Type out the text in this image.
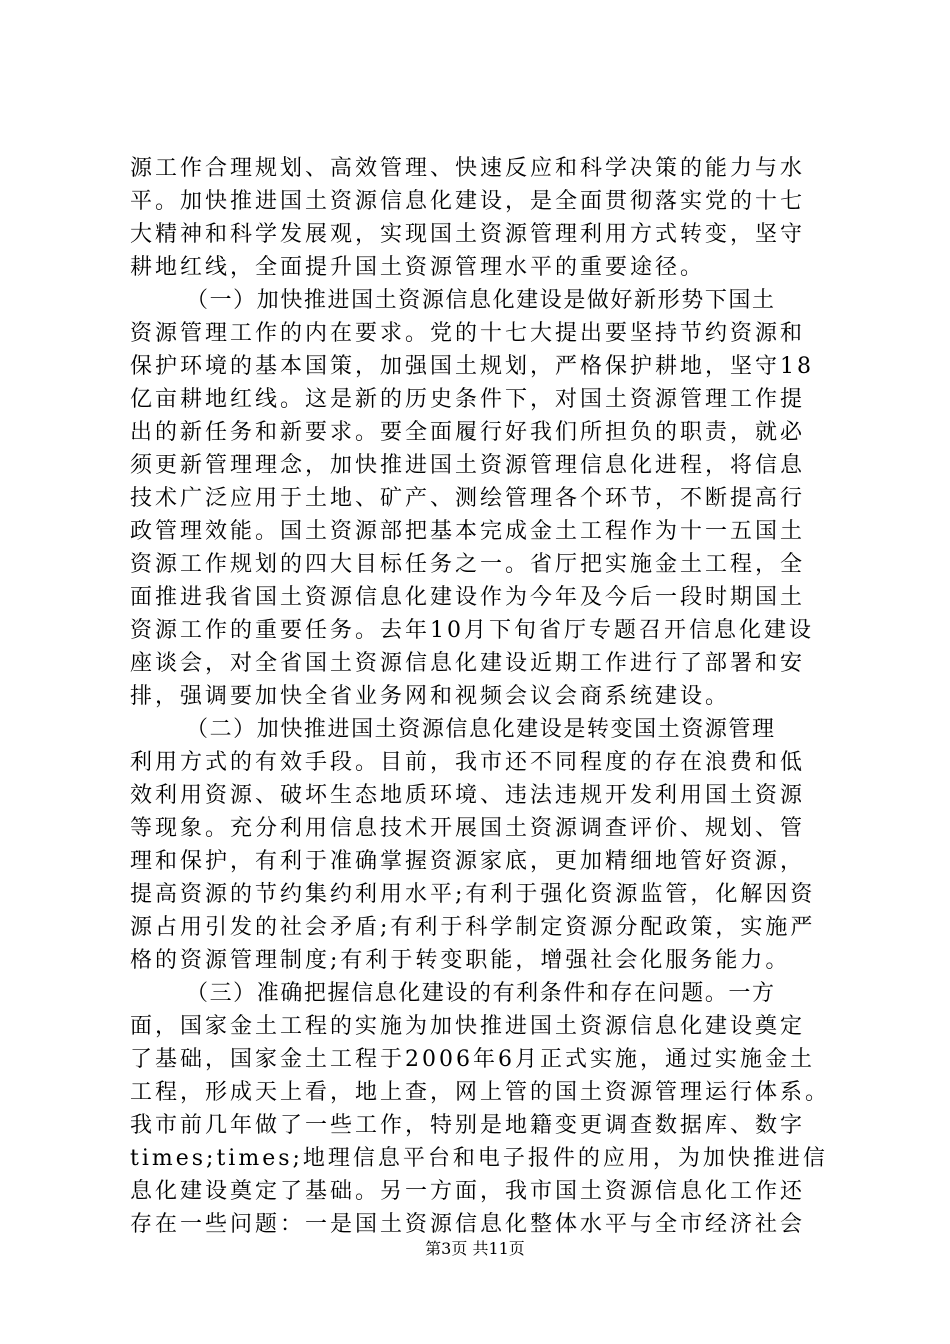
源工作合理规划、高效管理、快速反应和科学决策的能力与水
平。加快推进国土资源信息化建设，是全面贯彻落实党的十七
大精神和科学发展观，实现国土资源管理利用方式转变，坚守
耕地红线，全面提升国土资源管理水平的重要途径。
（一）加快推进国土资源信息化建设是做好新形势下国土
资源管理工作的内在要求。党的十七大提出要坚持节约资源和
保护环境的基本国策，加强国土规划，严格保护耕地，坚守18
亿亩耕地红线。这是新的历史条件下，对国土资源管理工作提
出的新任务和新要求。要全面履行好我们所担负的职责，就必
须更新管理理念，加快推进国土资源管理信息化进程，将信息
技术广泛应用于土地、矿产、测绘管理各个环节，不断提高行
政管理效能。国土资源部把基本完成金土工程作为十一五国土
资源工作规划的四大目标任务之一。省厅把实施金土工程，全
面推进我省国土资源信息化建设作为今年及今后一段时期国土
资源工作的重要任务。去年10月下旬省厅专题召开信息化建设
座谈会，对全省国土资源信息化建设近期工作进行了部署和安
排，强调要加快全省业务网和视频会议会商系统建设。
（二）加快推进国土资源信息化建设是转变国土资源管理
利用方式的有效手段。目前，我市还不同程度的存在浪费和低
效利用资源、破坏生态地质环境、违法违规开发利用国土资源
等现象。充分利用信息技术开展国土资源调查评价、规划、管
理和保护，有利于准确掌握资源家底，更加精细地管好资源，
提高资源的节约集约利用水平;有利于强化资源监管，化解因资
源占用引发的社会矛盾;有利于科学制定资源分配政策，实施严
格的资源管理制度;有利于转变职能，增强社会化服务能力。
（三）准确把握信息化建设的有利条件和存在问题。一方
面，国家金土工程的实施为加快推进国土资源信息化建设奠定
了基础，国家金土工程于2006年6月正式实施，通过实施金土
工程，形成天上看，地上查，网上管的国土资源管理运行体系。
我市前几年做了一些工作，特别是地籍变更调查数据库、数字
times;times;地理信息平台和电子报件的应用，为加快推进信
息化建设奠定了基础。另一方面，我市国土资源信息化工作还
存在一些问题：一是国土资源信息化整体水平与全市经济社会
第3页 共11页
